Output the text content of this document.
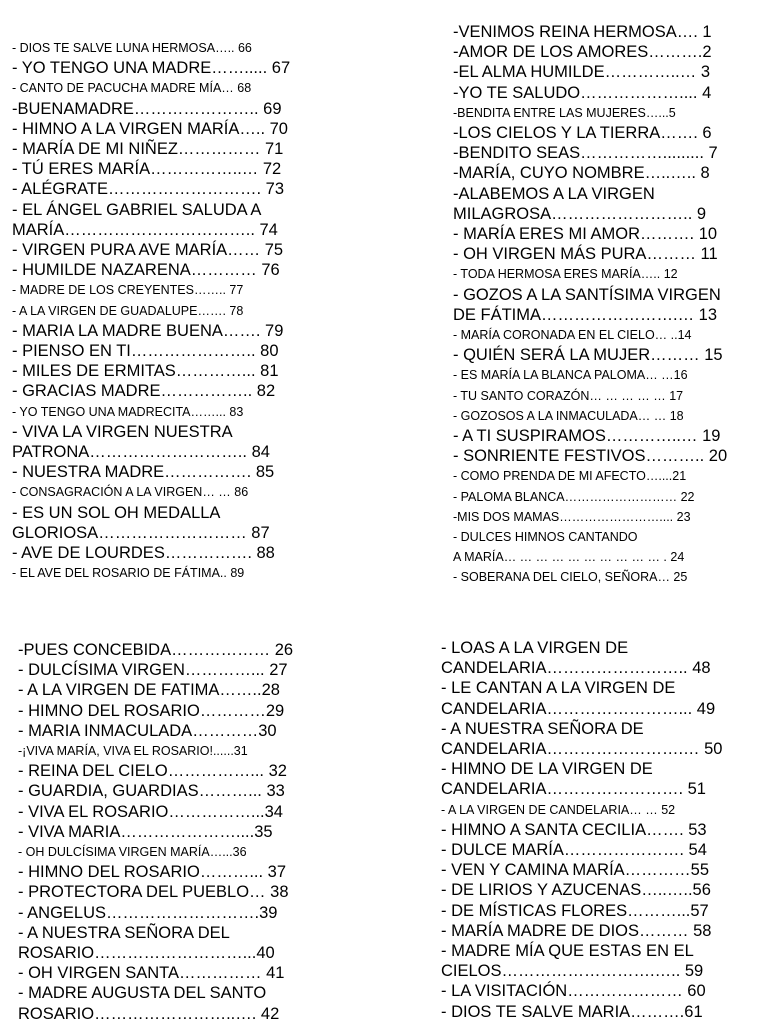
- DIOS TE SALVE LUNA HERMOSA….. 66
- YO TENGO UNA MADRE……..... 67
- CANTO DE PACUCHA MADRE MÍA… 68
-BUENAMADRE………………….. 69
- HIMNO A LA VIRGEN MARÍA….. 70
- MARÍA DE MI NIÑEZ…………… 71
- TÚ ERES MARÍA……………..… 72
- ALÉGRATE………………………. 73
- EL ÁNGEL GABRIEL SALUDA A
MARÍA…………………………….. 74
- VIRGEN PURA AVE MARÍA…… 75
- HUMILDE NAZARENA………… 76
- MADRE DE LOS CREYENTES…….. 77
- A LA VIRGEN DE GUADALUPE……. 78
- MARIA LA MADRE BUENA……. 79
- PIENSO EN TI………………….. 80
- MILES DE ERMITAS…………... 81
- GRACIAS MADRE…………….. 82
- YO TENGO UNA MADRECITA……... 83
- VIVA LA VIRGEN NUESTRA
PATRONA……………………….. 84
- NUESTRA MADRE……………. 85
- CONSAGRACIÓN A LA VIRGEN… … 86
- ES UN SOL OH MEDALLA
GLORIOSA……………………… 87
- AVE DE LOURDES……………. 88
- EL AVE DEL ROSARIO DE FÁTIMA.. 89
-VENIMOS REINA HERMOSA…. 1
-AMOR DE LOS AMORES……….2
-EL ALMA HUMILDE…………..… 3
-YO TE SALUDO……………….... 4
-BENDITA ENTRE LAS MUJERES…...5
-LOS CIELOS Y LA TIERRA……. 6
-BENDITO SEAS……………......... 7
-MARÍA, CUYO NOMBRE…..….. 8
-ALABEMOS A LA VIRGEN
MILAGROSA…………………….. 9
- MARÍA ERES MI AMOR………. 10
- OH VIRGEN MÁS PURA……… 11
- TODA HERMOSA ERES MARÍA….. 12
- GOZOS A LA SANTÍSIMA VIRGEN
DE FÁTIMA…………………….… 13
- MARÍA CORONADA EN EL CIELO… ..14
- QUIÉN SERÁ LA MUJER……… 15
- ES MARÍA LA BLANCA PALOMA… …16
- TU SANTO CORAZÓN… … … … … 17
- GOZOSOS A LA INMACULADA… … 18
- A TI SUSPIRAMOS…………..… 19
- SONRIENTE FESTIVOS……….. 20
- COMO PRENDA DE MI AFECTO…....21
- PALOMA BLANCA……………………… 22
-MIS DOS MAMAS…………………….... 23
- DULCES HIMNOS CANTANDO
A MARÍA… … … … … … … … … … . 24
- SOBERANA DEL CIELO, SEÑORA… 25
-PUES CONCEBIDA……………… 26
- DULCÍSIMA VIRGEN…………... 27
- A LA VIRGEN DE FATIMA……..28
- HIMNO DEL ROSARIO…………29
- MARIA INMACULADA…………30
-¡VIVA MARÍA, VIVA EL ROSARIO!......31
- REINA DEL CIELO……………... 32
- GUARDIA, GUARDIAS………... 33
- VIVA EL ROSARIO……………...34
- VIVA MARIA…………………....35
- OH DULCÍSIMA VIRGEN MARÍA…...36
- HIMNO DEL ROSARIO………... 37
- PROTECTORA DEL PUEBLO… 38
- ANGELUS……………………….39
- A NUESTRA SEÑORA DEL
ROSARIO………………………...40
- OH VIRGEN SANTA…………… 41
- MADRE AUGUSTA DEL SANTO
ROSARIO……………………..…. 42
- LOAS A LA VIRGEN DE
CANDELARIA…………………….. 48
- LE CANTAN A LA VIRGEN DE
CANDELARIA……………………... 49
- A NUESTRA SEÑORA DE
CANDELARIA…………………….… 50
- HIMNO DE LA VIRGEN DE
CANDELARIA……………………. 51
- A LA VIRGEN DE CANDELARIA… … 52
- HIMNO A SANTA CECILIA……. 53
- DULCE MARÍA…………………. 54
- VEN Y CAMINA MARÍA…………55
- DE LIRIOS Y AZUCENAS…..…..56
- DE MÍSTICAS FLORES………...57
- MARÍA MADRE DE DIOS……… 58
- MADRE MÍA QUE ESTAS EN EL
CIELOS……………………….….. 59
- LA VISITACIÓN………………… 60
- DIOS TE SALVE MARIA……….61
